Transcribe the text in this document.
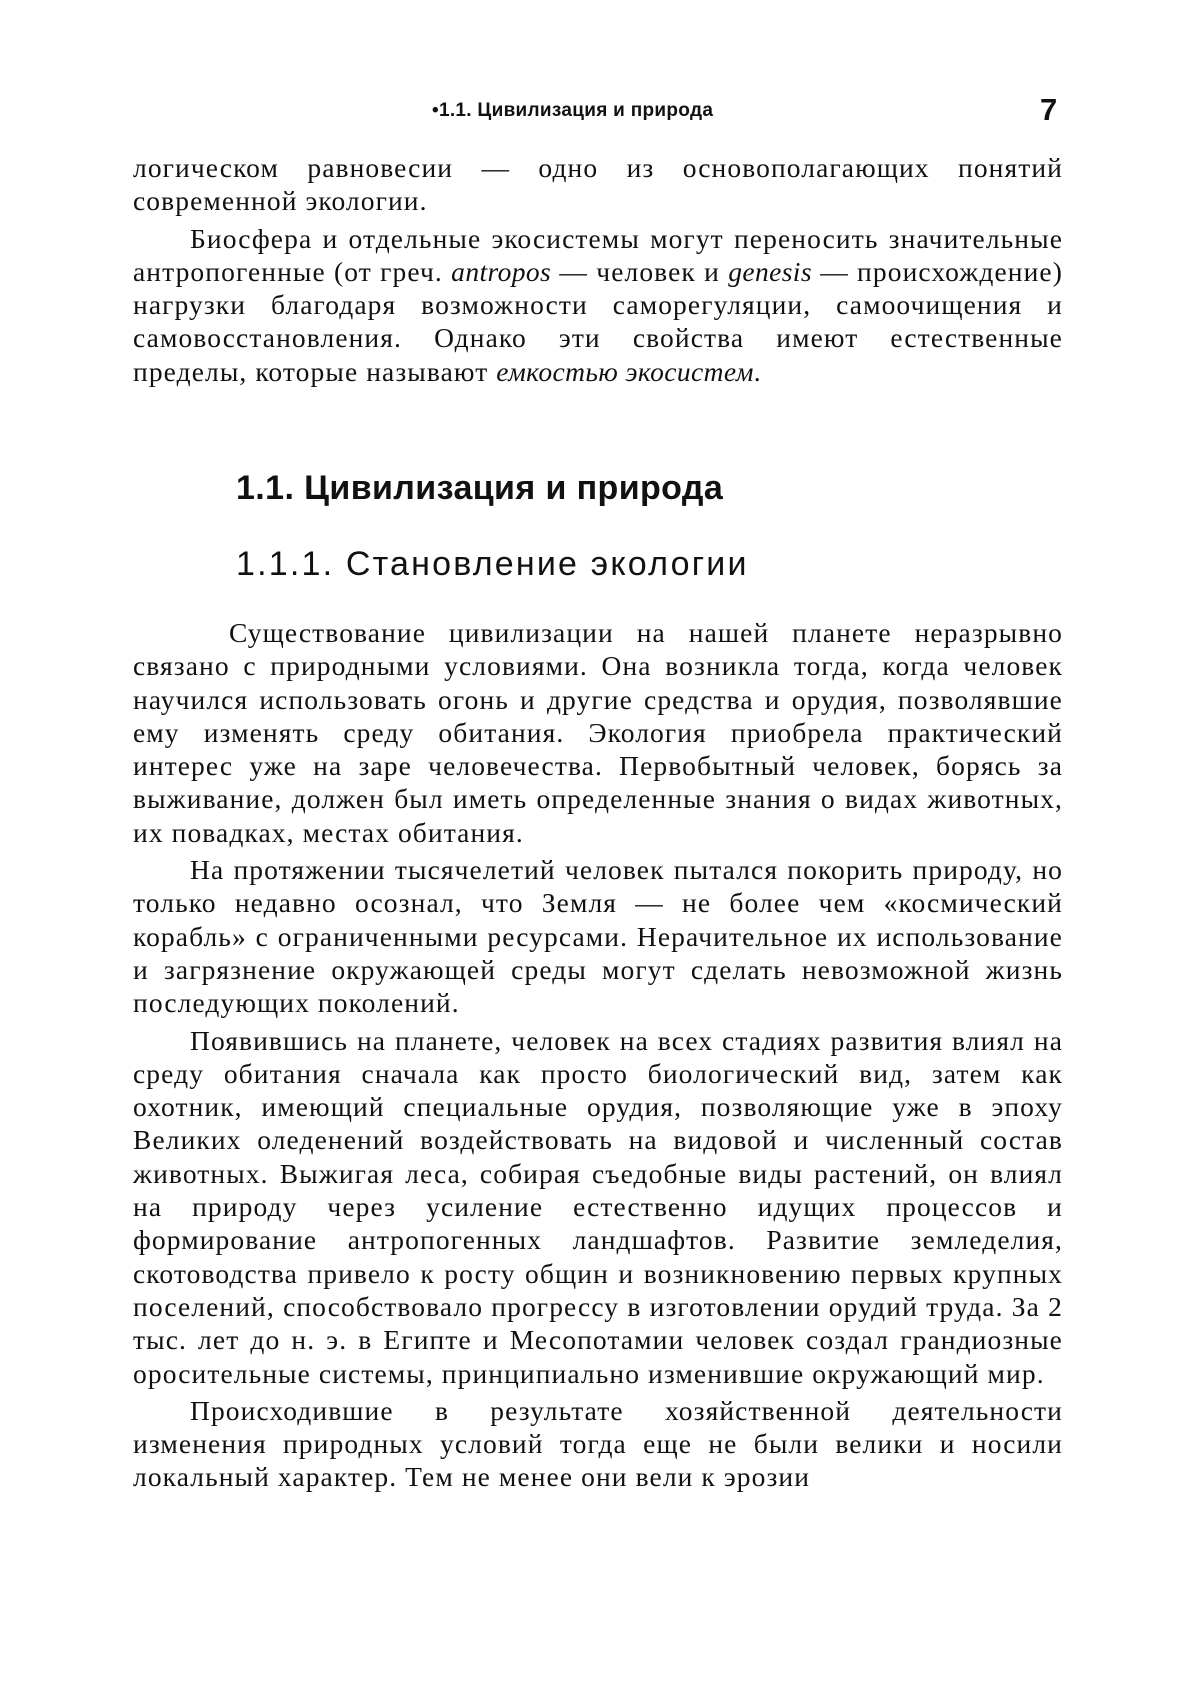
•1.1. Цивилизация и природа	7

логическом равновесии — одно из основополагающих понятий современной экологии.

Биосфера и отдельные экосистемы могут переносить значительные антропогенные (от греч. antropos — человек и genesis — происхождение) нагрузки благодаря возможности саморегуляции, самоочищения и самовосстановления. Однако эти свойства имеют естественные пределы, которые называют емкостью экосистем.

1.1. Цивилизация и природа
1.1.1. Становление экологии

Существование цивилизации на нашей планете неразрывно связано с природными условиями. Она возникла тогда, когда человек научился использовать огонь и другие средства и орудия, позволявшие ему изменять среду обитания. Экология приобрела практический интерес уже на заре человечества. Первобытный человек, борясь за выживание, должен был иметь определенные знания о видах животных, их повадках, местах обитания.

На протяжении тысячелетий человек пытался покорить природу, но только недавно осознал, что Земля — не более чем «космический корабль» с ограниченными ресурсами. Нерачительное их использование и загрязнение окружающей среды могут сделать невозможной жизнь последующих поколений.

Появившись на планете, человек на всех стадиях развития влиял на среду обитания сначала как просто биологический вид, затем как охотник, имеющий специальные орудия, позволяющие уже в эпоху Великих оледенений воздействовать на видовой и численный состав животных. Выжигая леса, собирая съедобные виды растений, он влиял на природу через усиление естественно идущих процессов и формирование антропогенных ландшафтов. Развитие земледелия, скотоводства привело к росту общин и возникновению первых крупных поселений, способствовало прогрессу в изготовлении орудий труда. За 2 тыс. лет до н. э. в Египте и Месопотамии человек создал грандиозные оросительные системы, принципиально изменившие окружающий мир.

Происходившие в результате хозяйственной деятельности изменения природных условий тогда еще не были велики и носили локальный характер. Тем не менее они вели к эрозии
